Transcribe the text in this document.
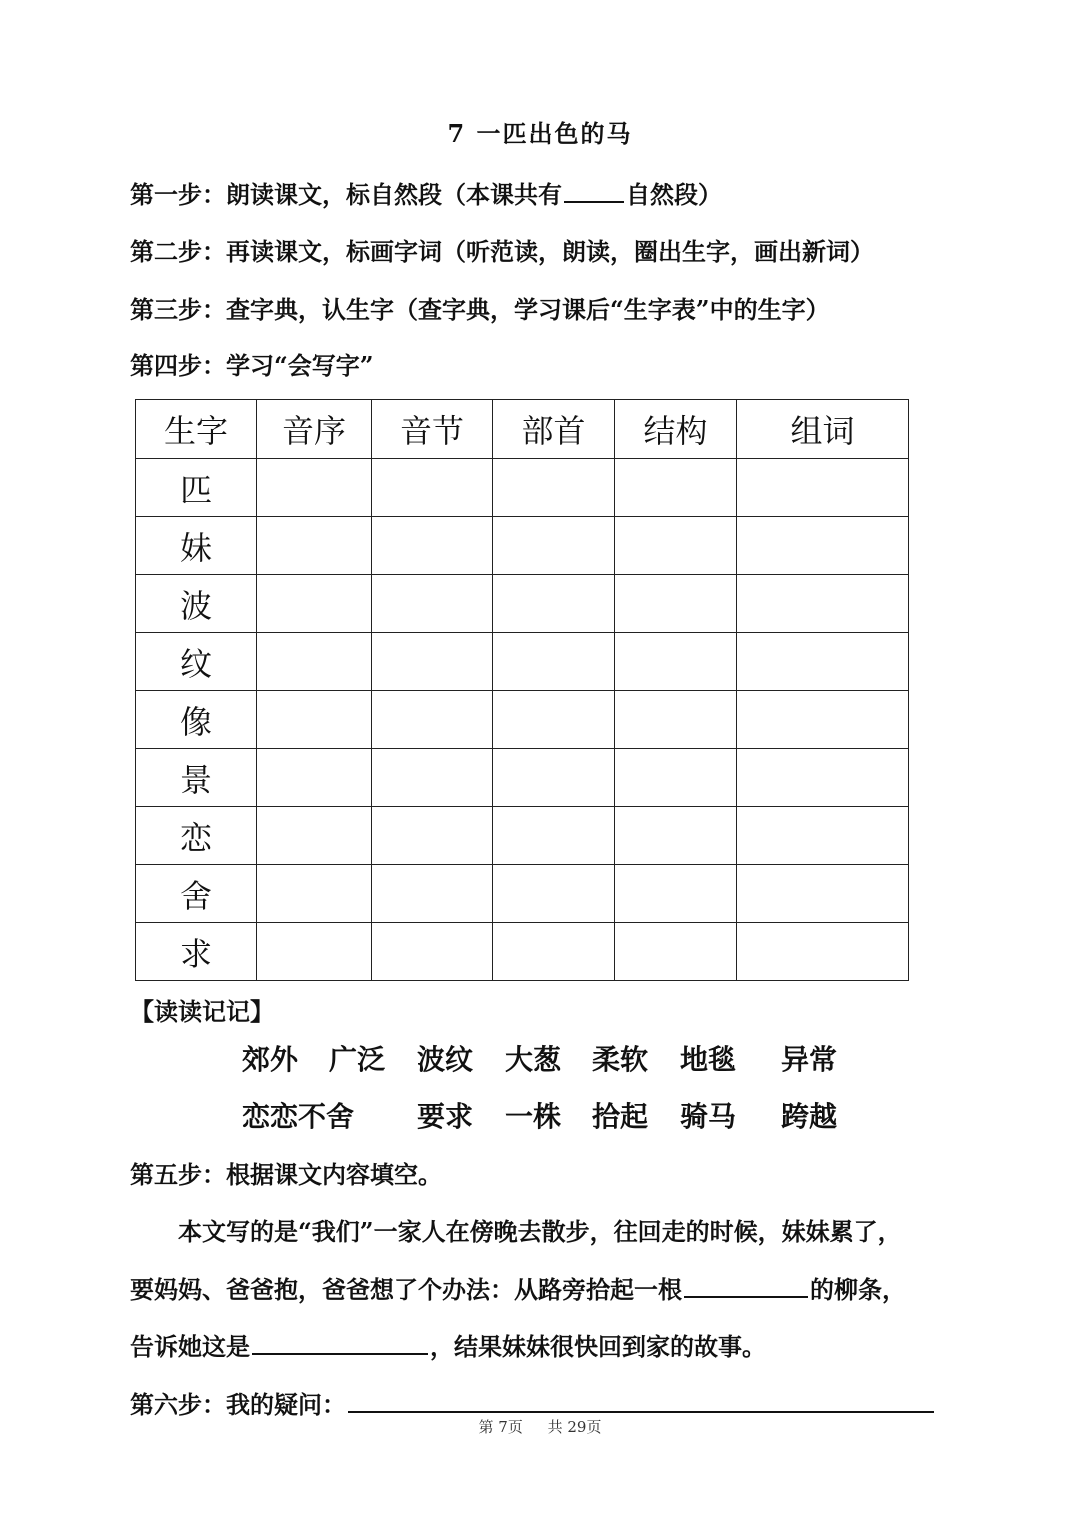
7 一匹出色的马
第一步：朗读课文，标自然段（本课共有	自然段）
第二步：再读课文，标画字词（听范读，朗读，圈出生字，画出新词）
第三步：查字典，认生字（查字典，学习课后“生字表”中的生字）
第四步：学习“会写字”
生字	音序	音节	部首	结构	组词
匹					
妹					
波					
纹					
像					
景					
恋					
舍					
求					
【读读记记】
郊外 广泛 波纹 大葱 柔软 地毯 异常
恋恋不舍 要求 一株 拾起 骑马 跨越
第五步：根据课文内容填空。
本文写的是“我们”一家人在傍晚去散步，往回走的时候，妹妹累了，
要妈妈、爸爸抱，爸爸想了个办法：从路旁拾起一根	的柳条，
告诉她这是	，结果妹妹很快回到家的故事。
第六步：我的疑问：
第 7页 共 29页
